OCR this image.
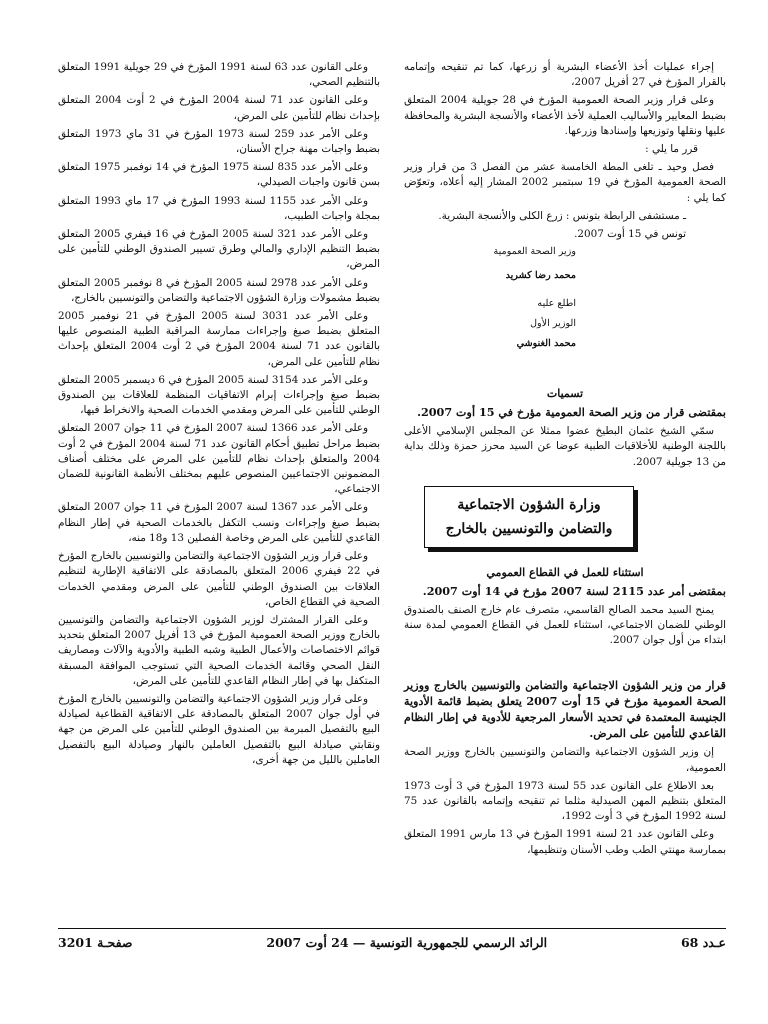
إجراء عمليات أخذ الأعضاء البشرية أو زرعها، كما تم تنقيحه وإتمامه بالقرار المؤرخ في 27 أفريل 2007،

وعلى قرار وزير الصحة العمومية المؤرخ في 28 جويلية 2004 المتعلق بضبط المعايير والأساليب العملية لأخذ الأعضاء والأنسجة البشرية والمحافظة عليها ونقلها وتوزيعها وإسنادها وزرعها.

قرر ما يلي :

فصل وحيد ـ تلغى المطة الخامسة عشر من الفصل 3 من قرار وزير الصحة العمومية المؤرخ في 19 سبتمبر 2002 المشار إليه أعلاه، وتعوّض كما يلي :

ـ مستشفى الرابطة بتونس : زرع الكلى والأنسجة البشرية.

تونس في 15 أوت 2007.

وزير الصحة العمومية

محمد رضا كشريد

اطلع عليه

الوزير الأول

محمد الغنوشي

تسميات

بمقتضى قرار من وزير الصحة العمومية مؤرخ في 15 أوت 2007.

سمّي الشيخ عثمان البطيخ عضوا ممثلا عن المجلس الإسلامي الأعلى باللجنة الوطنية للأخلاقيات الطبية عوضا عن السيد محرز حمزة وذلك بداية من 13 جويلية 2007.

وزارة الشؤون الاجتماعية
والتضامن والتونسيين بالخارج
استثناء للعمل في القطاع العمومي

بمقتضى أمر عدد 2115 لسنة 2007 مؤرخ في 14 أوت 2007.

يمنح السيد محمد الصالح القاسمي، متصرف عام خارج الصنف بالصندوق الوطني للضمان الاجتماعي، استثناء للعمل في القطاع العمومي لمدة سنة ابتداء من أول جوان 2007.

قرار من وزير الشؤون الاجتماعية والتضامن والتونسيين بالخارج ووزير الصحة العمومية مؤرخ في 15 أوت 2007 يتعلق بضبط قائمة الأدوية الجنيسة المعتمدة في تحديد الأسعار المرجعية للأدوية في إطار النظام القاعدي للتأمين على المرض.

إن وزير الشؤون الاجتماعية والتضامن والتونسيين بالخارج ووزير الصحة العمومية،

بعد الاطلاع على القانون عدد 55 لسنة 1973 المؤرخ في 3 أوت 1973 المتعلق بتنظيم المهن الصيدلية مثلما تم تنقيحه وإتمامه بالقانون عدد 75 لسنة 1992 المؤرخ في 3 أوت 1992،

وعلى القانون عدد 21 لسنة 1991 المؤرخ في 13 مارس 1991 المتعلق بممارسة مهنتي الطب وطب الأسنان وتنظيمها،

وعلى القانون عدد 63 لسنة 1991 المؤرخ في 29 جويلية 1991 المتعلق بالتنظيم الصحي،

وعلى القانون عدد 71 لسنة 2004 المؤرخ في 2 أوت 2004 المتعلق بإحداث نظام للتأمين على المرض،

وعلى الأمر عدد 259 لسنة 1973 المؤرخ في 31 ماي 1973 المتعلق بضبط واجبات مهنة جراح الأسنان،

وعلى الأمر عدد 835 لسنة 1975 المؤرخ في 14 نوفمبر 1975 المتعلق بسن قانون واجبات الصيدلي،

وعلى الأمر عدد 1155 لسنة 1993 المؤرخ في 17 ماي 1993 المتعلق بمجلة واجبات الطبيب،

وعلى الأمر عدد 321 لسنة 2005 المؤرخ في 16 فيفري 2005 المتعلق بضبط التنظيم الإداري والمالي وطرق تسيير الصندوق الوطني للتأمين على المرض،

وعلى الأمر عدد 2978 لسنة 2005 المؤرخ في 8 نوفمبر 2005 المتعلق بضبط مشمولات وزارة الشؤون الاجتماعية والتضامن والتونسيين بالخارج،

وعلى الأمر عدد 3031 لسنة 2005 المؤرخ في 21 نوفمبر 2005 المتعلق بضبط صيغ وإجراءات ممارسة المراقبة الطبية المنصوص عليها بالقانون عدد 71 لسنة 2004 المؤرخ في 2 أوت 2004 المتعلق بإحداث نظام للتأمين على المرض،

وعلى الأمر عدد 3154 لسنة 2005 المؤرخ في 6 ديسمبر 2005 المتعلق بضبط صيغ وإجراءات إبرام الاتفاقيات المنظمة للعلاقات بين الصندوق الوطني للتأمين على المرض ومقدمي الخدمات الصحية والانخراط فيها،

وعلى الأمر عدد 1366 لسنة 2007 المؤرخ في 11 جوان 2007 المتعلق بضبط مراحل تطبيق أحكام القانون عدد 71 لسنة 2004 المؤرخ في 2 أوت 2004 والمتعلق بإحداث نظام للتأمين على المرض على مختلف أصناف المضمونين الاجتماعيين المنصوص عليهم بمختلف الأنظمة القانونية للضمان الاجتماعي،

وعلى الأمر عدد 1367 لسنة 2007 المؤرخ في 11 جوان 2007 المتعلق بضبط صيغ وإجراءات ونسب التكفل بالخدمات الصحية في إطار النظام القاعدي للتأمين على المرض وخاصة الفصلين 13 و18 منه،

وعلى قرار وزير الشؤون الاجتماعية والتضامن والتونسيين بالخارج المؤرخ في 22 فيفري 2006 المتعلق بالمصادقة على الاتفاقية الإطارية لتنظيم العلاقات بين الصندوق الوطني للتأمين على المرض ومقدمي الخدمات الصحية في القطاع الخاص،

وعلى القرار المشترك لوزير الشؤون الاجتماعية والتضامن والتونسيين بالخارج ووزير الصحة العمومية المؤرخ في 13 أفريل 2007 المتعلق بتحديد قوائم الاختصاصات والأعمال الطبية وشبه الطبية والأدوية والآلات ومصاريف النقل الصحي وقائمة الخدمات الصحية التي تستوجب الموافقة المسبقة المتكفل بها في إطار النظام القاعدي للتأمين على المرض،

وعلى قرار وزير الشؤون الاجتماعية والتضامن والتونسيين بالخارج المؤرخ في أول جوان 2007 المتعلق بالمصادقة على الاتفاقية القطاعية لصيادلة البيع بالتفصيل المبرمة بين الصندوق الوطني للتأمين على المرض من جهة ونقابتي صيادلة البيع بالتفصيل العاملين بالنهار وصيادلة البيع بالتفصيل العاملين بالليل من جهة أخرى،

عـدد 68
الرائد الرسمي للجمهورية التونسية — 24 أوت 2007
صفحـة 3201
